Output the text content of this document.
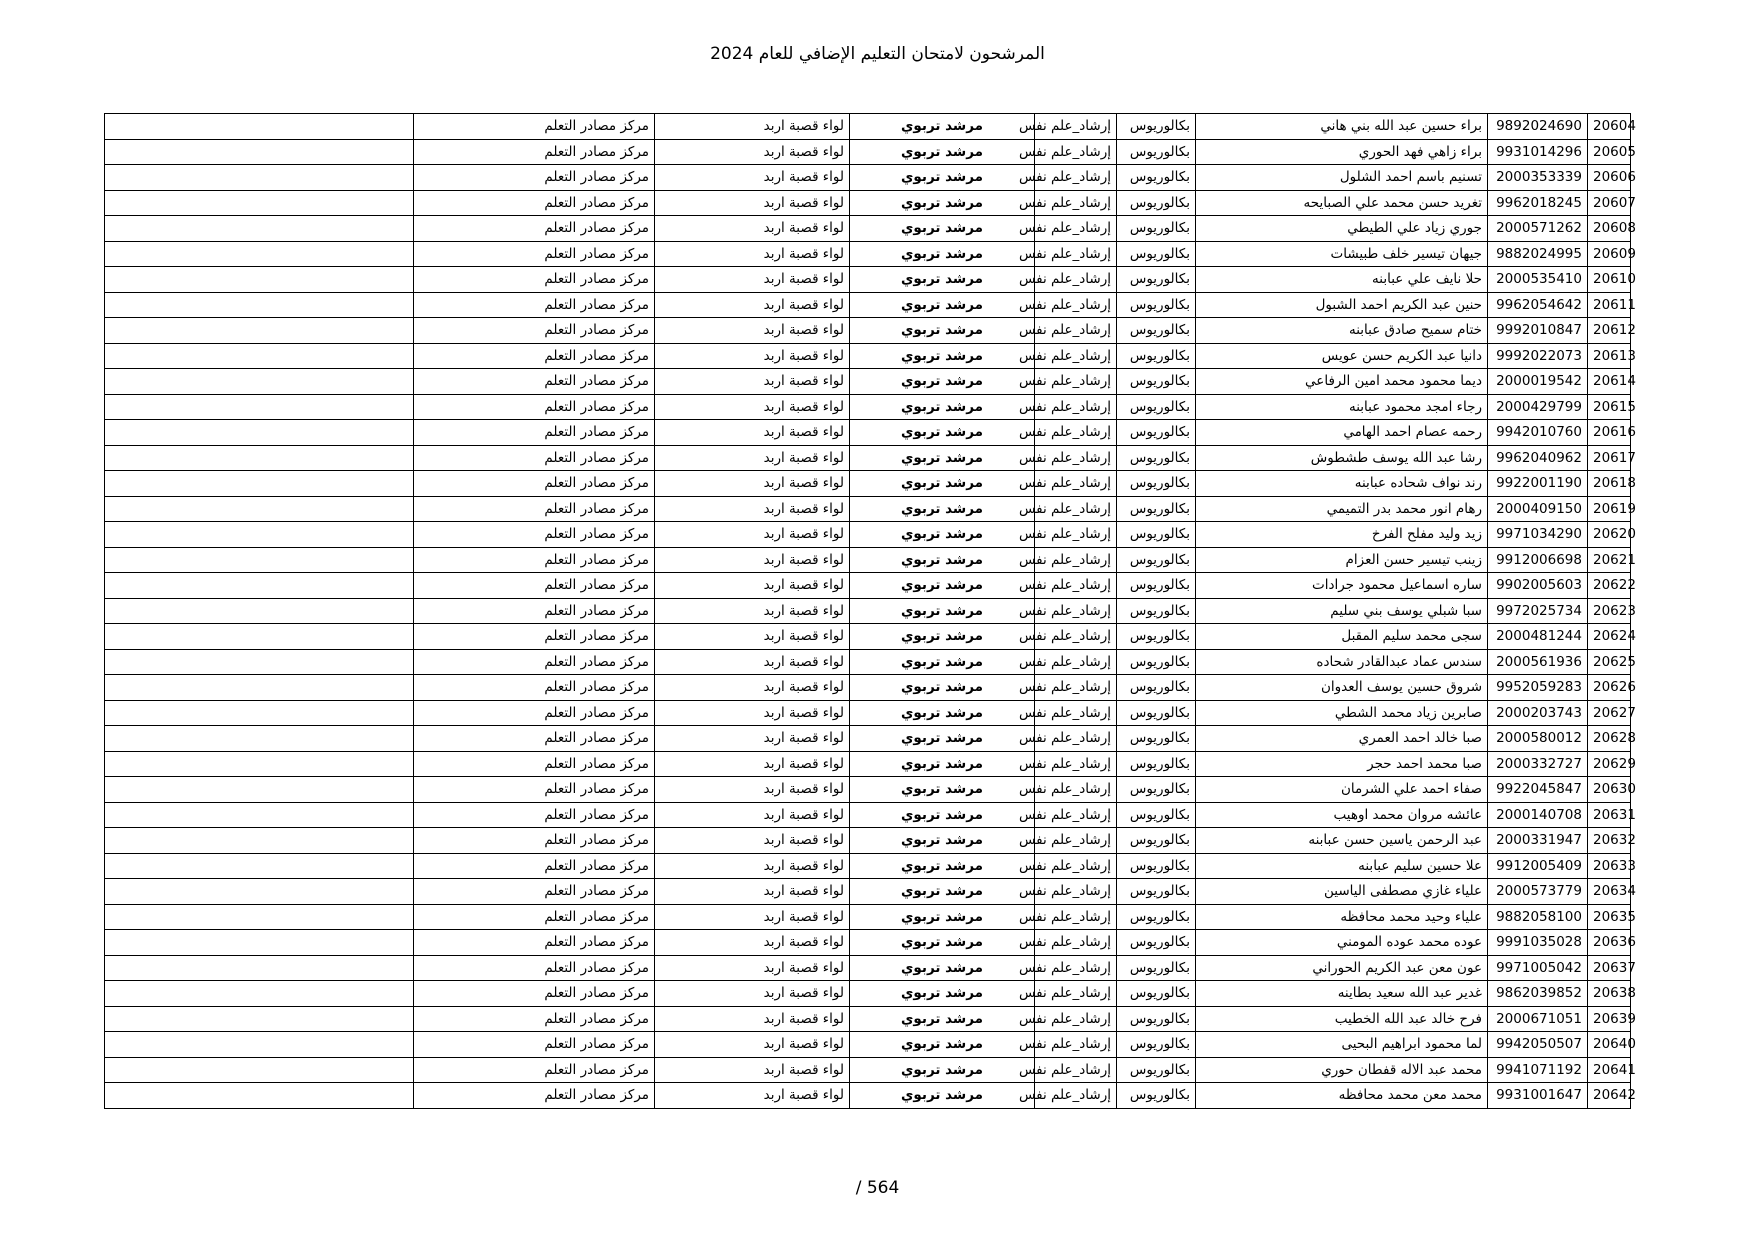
المرشحون لامتحان التعليم الإضافي للعام 2024
20604	9892024690	براء حسين عبد الله بني هاني	بكالوريوس	إرشاد_علم نفس	مرشد تربوي	لواء قصبة اربد	مركز مصادر التعلم	
20605	9931014296	براء زاهي فهد الحوري	بكالوريوس	إرشاد_علم نفس	مرشد تربوي	لواء قصبة اربد	مركز مصادر التعلم	
20606	2000353339	تسنيم باسم احمد الشلول	بكالوريوس	إرشاد_علم نفس	مرشد تربوي	لواء قصبة اربد	مركز مصادر التعلم	
20607	9962018245	تغريد حسن محمد علي الصبايحه	بكالوريوس	إرشاد_علم نفس	مرشد تربوي	لواء قصبة اربد	مركز مصادر التعلم	
20608	2000571262	جوري زياد علي الطيطي	بكالوريوس	إرشاد_علم نفس	مرشد تربوي	لواء قصبة اربد	مركز مصادر التعلم	
20609	9882024995	جيهان تيسير خلف طبيشات	بكالوريوس	إرشاد_علم نفس	مرشد تربوي	لواء قصبة اربد	مركز مصادر التعلم	
20610	2000535410	حلا نايف علي عبابنه	بكالوريوس	إرشاد_علم نفس	مرشد تربوي	لواء قصبة اربد	مركز مصادر التعلم	
20611	9962054642	حنين عبد الكريم احمد الشبول	بكالوريوس	إرشاد_علم نفس	مرشد تربوي	لواء قصبة اربد	مركز مصادر التعلم	
20612	9992010847	ختام سميح صادق عبابنه	بكالوريوس	إرشاد_علم نفس	مرشد تربوي	لواء قصبة اربد	مركز مصادر التعلم	
20613	9992022073	دانيا عبد الكريم حسن عويس	بكالوريوس	إرشاد_علم نفس	مرشد تربوي	لواء قصبة اربد	مركز مصادر التعلم	
20614	2000019542	ديما محمود محمد امين الرفاعي	بكالوريوس	إرشاد_علم نفس	مرشد تربوي	لواء قصبة اربد	مركز مصادر التعلم	
20615	2000429799	رجاء امجد محمود عبابنه	بكالوريوس	إرشاد_علم نفس	مرشد تربوي	لواء قصبة اربد	مركز مصادر التعلم	
20616	9942010760	رحمه عصام احمد الهامي	بكالوريوس	إرشاد_علم نفس	مرشد تربوي	لواء قصبة اربد	مركز مصادر التعلم	
20617	9962040962	رشا عبد الله يوسف طشطوش	بكالوريوس	إرشاد_علم نفس	مرشد تربوي	لواء قصبة اربد	مركز مصادر التعلم	
20618	9922001190	رند نواف شحاده عبابنه	بكالوريوس	إرشاد_علم نفس	مرشد تربوي	لواء قصبة اربد	مركز مصادر التعلم	
20619	2000409150	رهام انور محمد بدر التميمي	بكالوريوس	إرشاد_علم نفس	مرشد تربوي	لواء قصبة اربد	مركز مصادر التعلم	
20620	9971034290	زيد وليد مفلح الفرخ	بكالوريوس	إرشاد_علم نفس	مرشد تربوي	لواء قصبة اربد	مركز مصادر التعلم	
20621	9912006698	زينب تيسير حسن العزام	بكالوريوس	إرشاد_علم نفس	مرشد تربوي	لواء قصبة اربد	مركز مصادر التعلم	
20622	9902005603	ساره اسماعيل محمود جرادات	بكالوريوس	إرشاد_علم نفس	مرشد تربوي	لواء قصبة اربد	مركز مصادر التعلم	
20623	9972025734	سبا شبلي يوسف بني سليم	بكالوريوس	إرشاد_علم نفس	مرشد تربوي	لواء قصبة اربد	مركز مصادر التعلم	
20624	2000481244	سجى محمد سليم المقبل	بكالوريوس	إرشاد_علم نفس	مرشد تربوي	لواء قصبة اربد	مركز مصادر التعلم	
20625	2000561936	سندس عماد عبدالقادر شحاده	بكالوريوس	إرشاد_علم نفس	مرشد تربوي	لواء قصبة اربد	مركز مصادر التعلم	
20626	9952059283	شروق حسين يوسف العدوان	بكالوريوس	إرشاد_علم نفس	مرشد تربوي	لواء قصبة اربد	مركز مصادر التعلم	
20627	2000203743	صابرين زياد محمد الشطي	بكالوريوس	إرشاد_علم نفس	مرشد تربوي	لواء قصبة اربد	مركز مصادر التعلم	
20628	2000580012	صبا خالد احمد العمري	بكالوريوس	إرشاد_علم نفس	مرشد تربوي	لواء قصبة اربد	مركز مصادر التعلم	
20629	2000332727	صبا محمد احمد حجر	بكالوريوس	إرشاد_علم نفس	مرشد تربوي	لواء قصبة اربد	مركز مصادر التعلم	
20630	9922045847	صفاء احمد علي الشرمان	بكالوريوس	إرشاد_علم نفس	مرشد تربوي	لواء قصبة اربد	مركز مصادر التعلم	
20631	2000140708	عائشه مروان محمد اوهيب	بكالوريوس	إرشاد_علم نفس	مرشد تربوي	لواء قصبة اربد	مركز مصادر التعلم	
20632	2000331947	عبد الرحمن ياسين حسن عبابنه	بكالوريوس	إرشاد_علم نفس	مرشد تربوي	لواء قصبة اربد	مركز مصادر التعلم	
20633	9912005409	علا حسين سليم عبابنه	بكالوريوس	إرشاد_علم نفس	مرشد تربوي	لواء قصبة اربد	مركز مصادر التعلم	
20634	2000573779	علياء غازي مصطفى الياسين	بكالوريوس	إرشاد_علم نفس	مرشد تربوي	لواء قصبة اربد	مركز مصادر التعلم	
20635	9882058100	علياء وحيد محمد محافظه	بكالوريوس	إرشاد_علم نفس	مرشد تربوي	لواء قصبة اربد	مركز مصادر التعلم	
20636	9991035028	عوده محمد عوده المومني	بكالوريوس	إرشاد_علم نفس	مرشد تربوي	لواء قصبة اربد	مركز مصادر التعلم	
20637	9971005042	عون معن عبد الكريم الحوراني	بكالوريوس	إرشاد_علم نفس	مرشد تربوي	لواء قصبة اربد	مركز مصادر التعلم	
20638	9862039852	غدير عبد الله سعيد بطاينه	بكالوريوس	إرشاد_علم نفس	مرشد تربوي	لواء قصبة اربد	مركز مصادر التعلم	
20639	2000671051	فرح خالد عبد الله الخطيب	بكالوريوس	إرشاد_علم نفس	مرشد تربوي	لواء قصبة اربد	مركز مصادر التعلم	
20640	9942050507	لما محمود ابراهيم البحيى	بكالوريوس	إرشاد_علم نفس	مرشد تربوي	لواء قصبة اربد	مركز مصادر التعلم	
20641	9941071192	محمد عبد الاله قفطان حوري	بكالوريوس	إرشاد_علم نفس	مرشد تربوي	لواء قصبة اربد	مركز مصادر التعلم	
20642	9931001647	محمد معن محمد محافظه	بكالوريوس	إرشاد_علم نفس	مرشد تربوي	لواء قصبة اربد	مركز مصادر التعلم	
564 /
